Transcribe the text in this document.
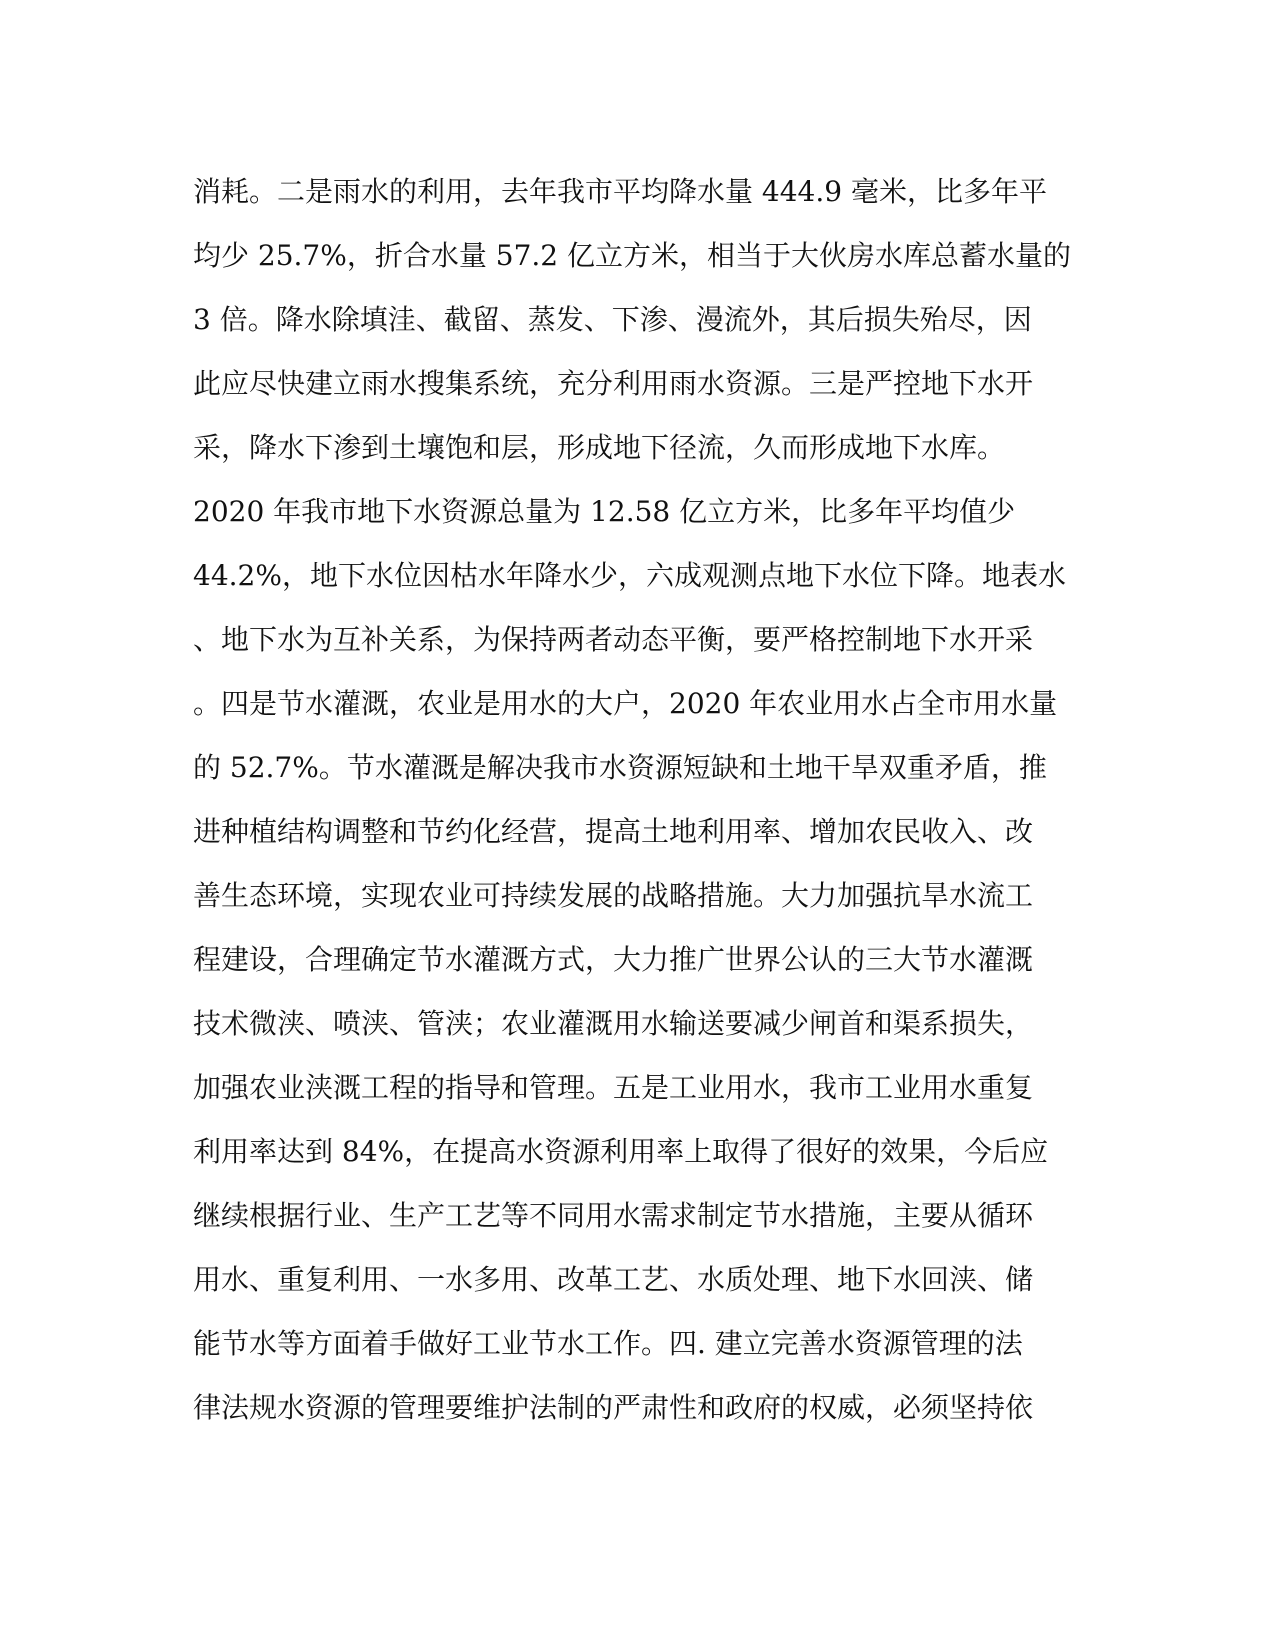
消耗。二是雨水的利用，去年我市平均降水量 444.9 毫米，比多年平
均少 25.7%，折合水量 57.2 亿立方米，相当于大伙房水库总蓄水量的
3 倍。降水除填洼、截留、蒸发、下渗、漫流外，其后损失殆尽，因
此应尽快建立雨水搜集系统，充分利用雨水资源。三是严控地下水开
采，降水下渗到土壤饱和层，形成地下径流，久而形成地下水库。
2020 年我市地下水资源总量为 12.58 亿立方米，比多年平均值少
44.2%，地下水位因枯水年降水少，六成观测点地下水位下降。地表水
、地下水为互补关系，为保持两者动态平衡，要严格控制地下水开采
。四是节水灌溉，农业是用水的大户，2020 年农业用水占全市用水量
的 52.7%。节水灌溉是解决我市水资源短缺和土地干旱双重矛盾，推
进种植结构调整和节约化经营，提高土地利用率、增加农民收入、改
善生态环境，实现农业可持续发展的战略措施。大力加强抗旱水流工
程建设，合理确定节水灌溉方式，大力推广世界公认的三大节水灌溉
技术微浃、喷浃、管浃；农业灌溉用水输送要减少闸首和渠系损失，
加强农业浃溉工程的指导和管理。五是工业用水，我市工业用水重复
利用率达到 84%，在提高水资源利用率上取得了很好的效果，今后应
继续根据行业、生产工艺等不同用水需求制定节水措施，主要从循环
用水、重复利用、一水多用、改革工艺、水质处理、地下水回浃、储
能节水等方面着手做好工业节水工作。四. 建立完善水资源管理的法
律法规水资源的管理要维护法制的严肃性和政府的权威，必须坚持依
